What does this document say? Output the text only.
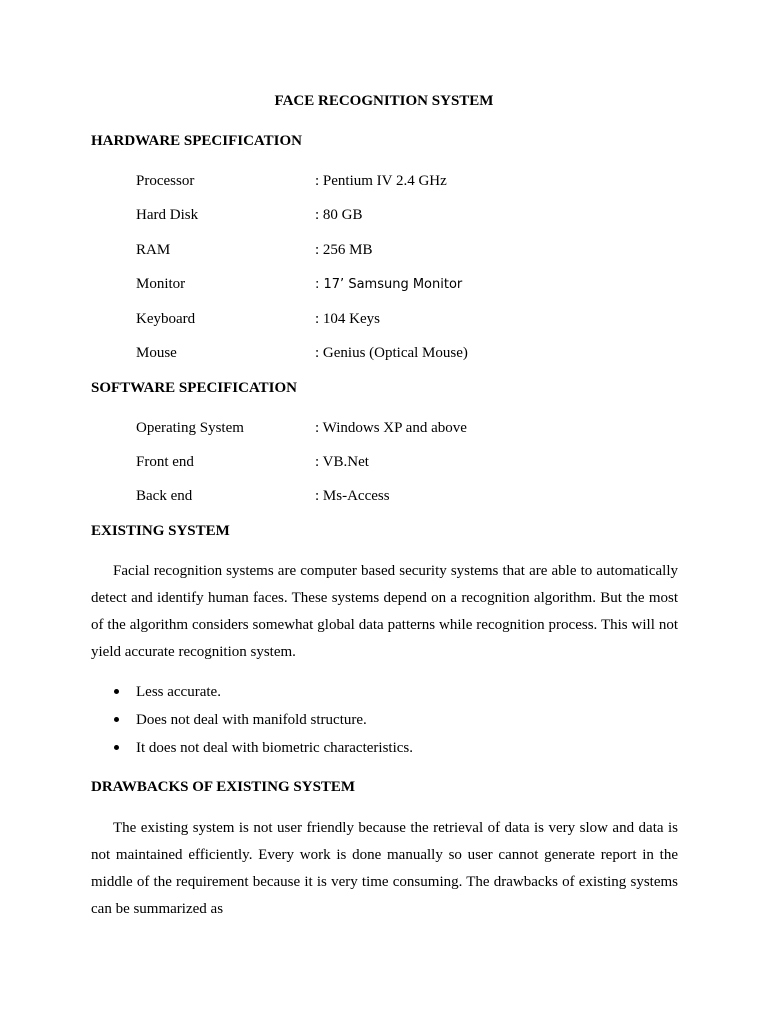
FACE RECOGNITION SYSTEM
HARDWARE SPECIFICATION
Processor	: Pentium IV 2.4 GHz
Hard Disk	: 80 GB
RAM	: 256 MB
Monitor	: 17’ Samsung Monitor
Keyboard	: 104 Keys
Mouse	: Genius (Optical Mouse)
SOFTWARE SPECIFICATION
Operating System	: Windows XP and above
Front end	: VB.Net
Back end	: Ms-Access
EXISTING SYSTEM
Facial recognition systems are computer based security systems that are able to automatically detect and identify human faces. These systems depend on a recognition algorithm. But the most of the algorithm considers somewhat global data patterns while recognition process. This will not yield accurate recognition system.
Less accurate.
Does not deal with manifold structure.
It does not deal with biometric characteristics.
DRAWBACKS OF EXISTING SYSTEM
The existing system is not user friendly because the retrieval of data is very slow and data is not maintained efficiently. Every work is done manually so user cannot generate report in the middle of the requirement because it is very time consuming. The drawbacks of existing systems can be summarized as
